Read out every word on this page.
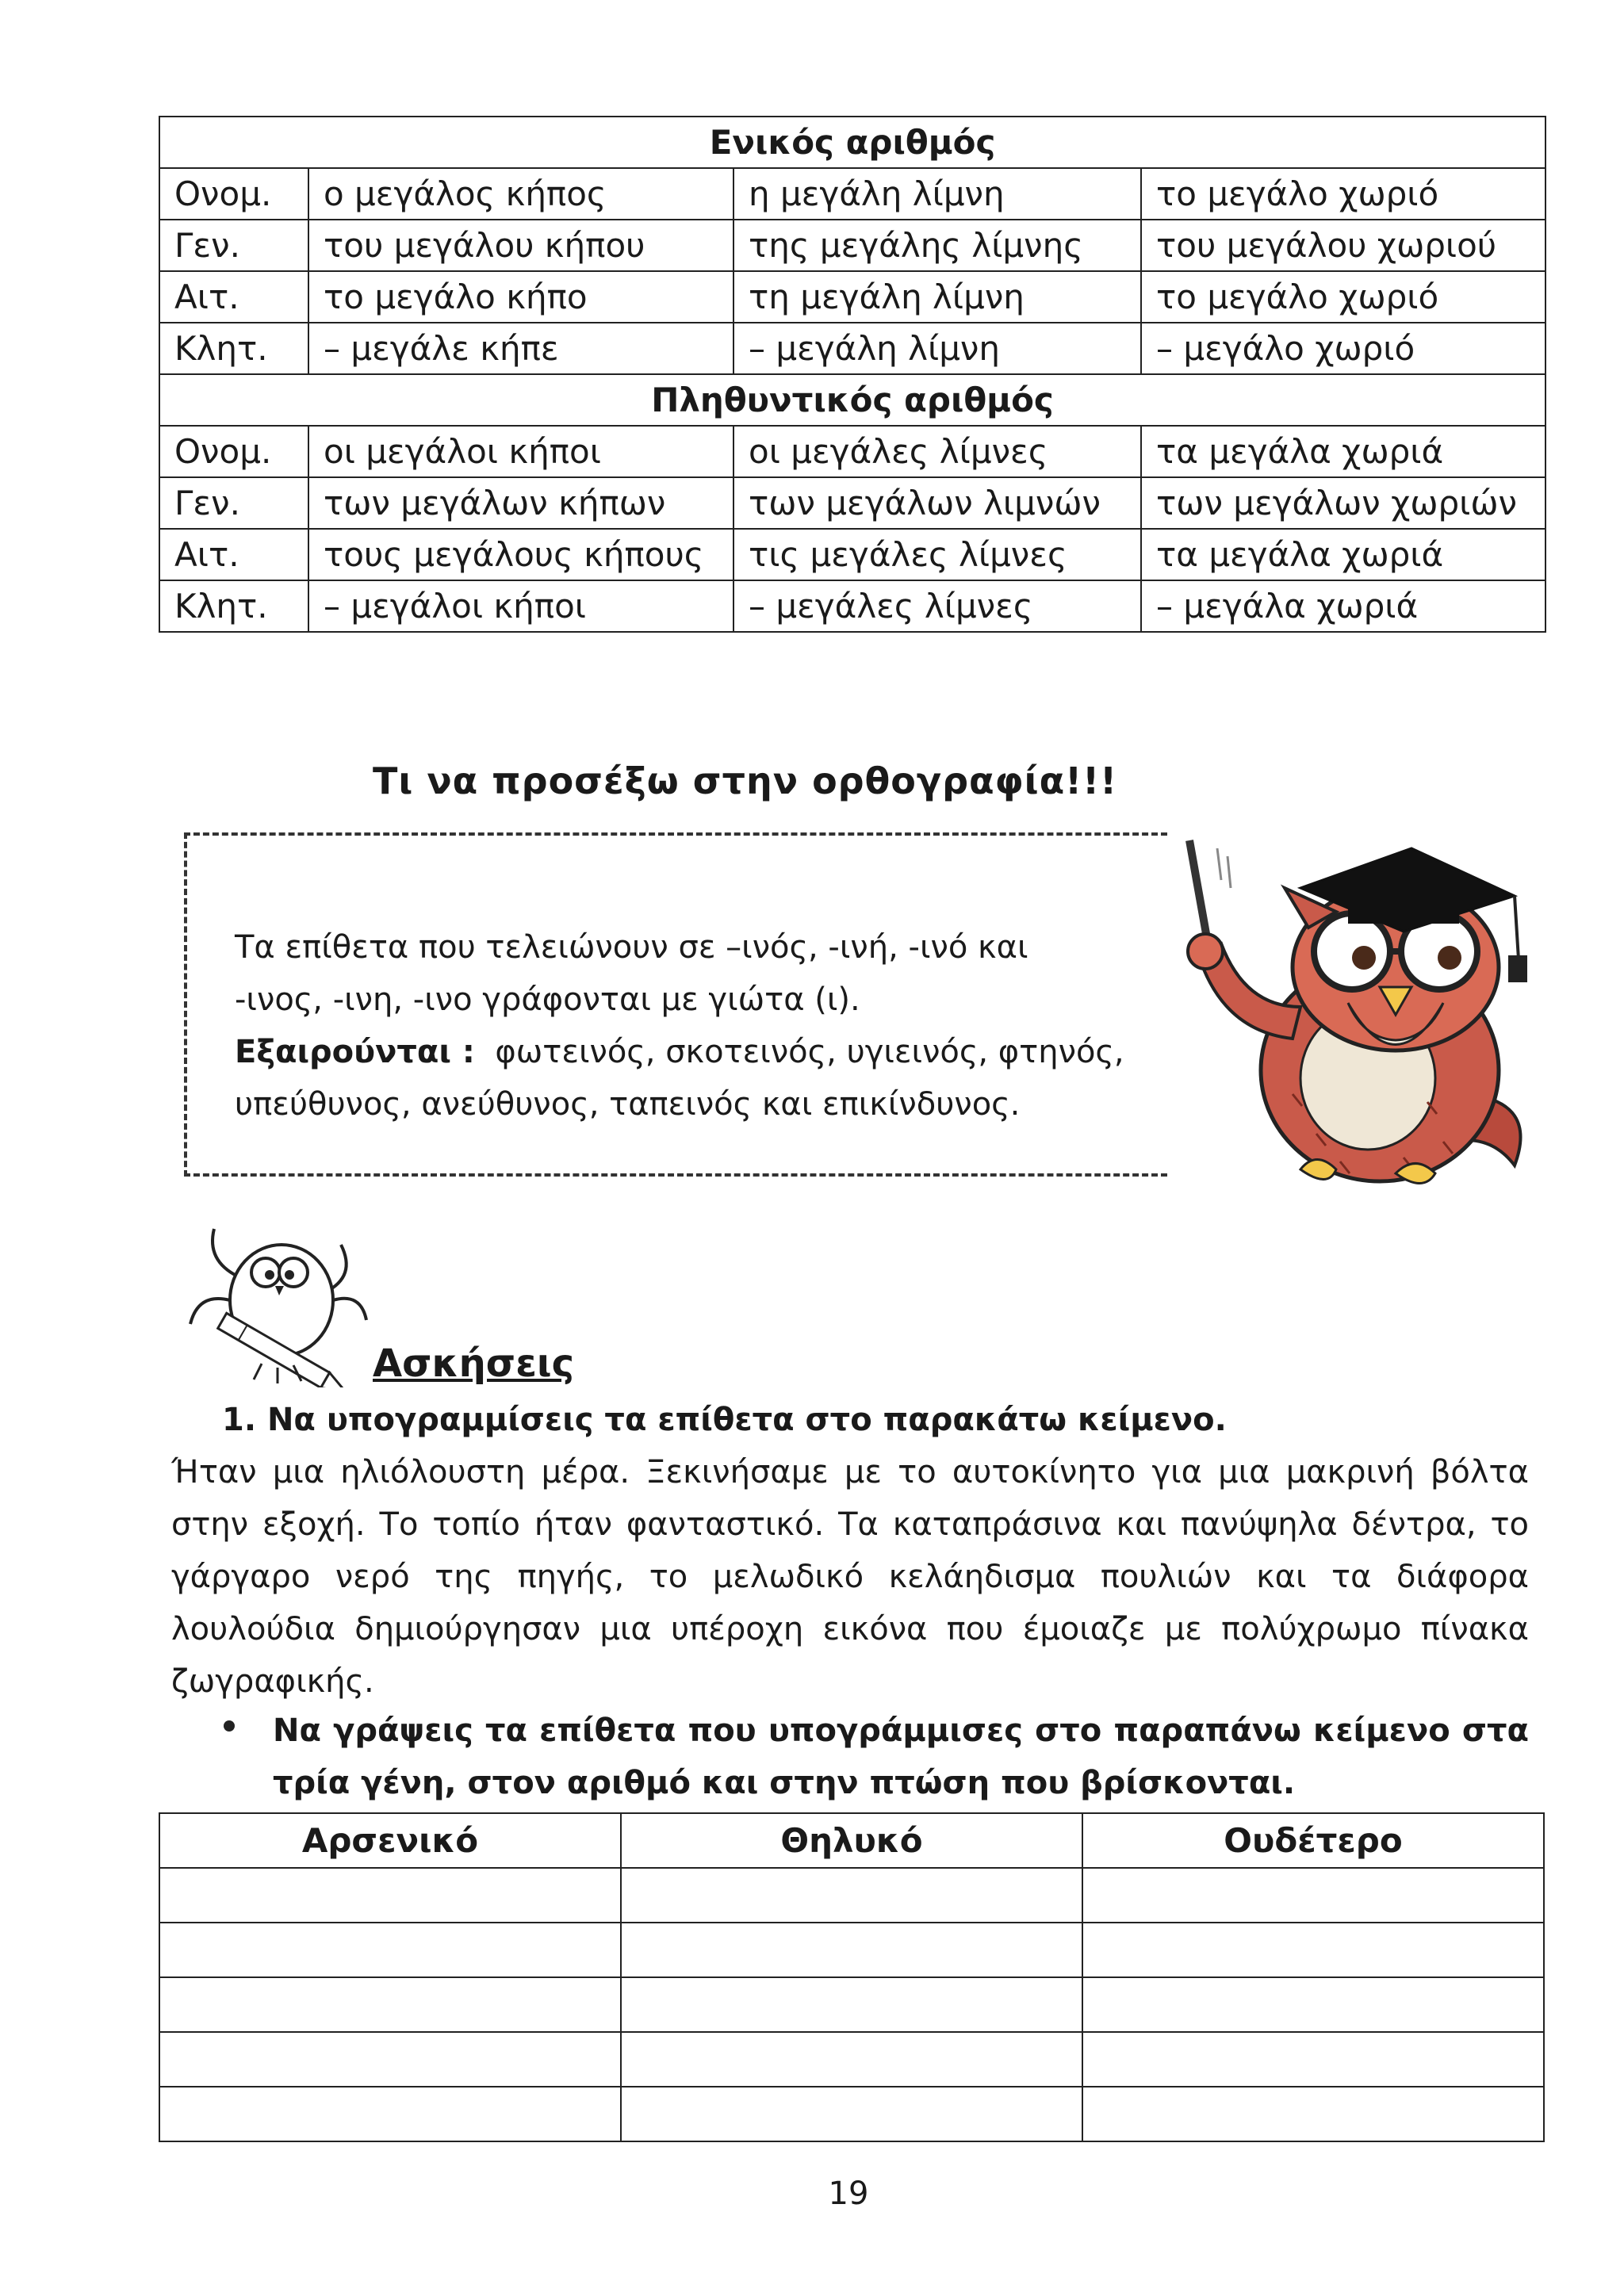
Ενικός αριθμός			
Ονομ.	ο μεγάλος κήπος	η μεγάλη λίμνη	το μεγάλο χωριό
Γεν.	του μεγάλου κήπου	της μεγάλης λίμνης	του μεγάλου χωριού
Αιτ.	το μεγάλο κήπο	τη μεγάλη λίμνη	το μεγάλο χωριό
Κλητ.	– μεγάλε κήπε	– μεγάλη λίμνη	– μεγάλο χωριό
Πληθυντικός αριθμός			
Ονομ.	οι μεγάλοι κήποι	οι μεγάλες λίμνες	τα μεγάλα χωριά
Γεν.	των μεγάλων κήπων	των μεγάλων λιμνών	των μεγάλων χωριών
Αιτ.	τους μεγάλους κήπους	τις μεγάλες λίμνες	τα μεγάλα χωριά
Κλητ.	– μεγάλοι κήποι	– μεγάλες λίμνες	– μεγάλα χωριά
Τι να προσέξω στην ορθογραφία!!!

Τα επίθετα που τελειώνουν σε –ινός, -ινή, -ινό και

-ινος, -ινη, -ινο γράφονται με γιώτα (ι).

Εξαιρούνται : φωτεινός, σκοτεινός, υγιεινός, φτηνός,

υπεύθυνος, ανεύθυνος, ταπεινός και επικίνδυνος.

Ασκήσεις
1. Να υπογραμμίσεις τα επίθετα στο παρακάτω κείμενο.
Ήταν μια ηλιόλουστη μέρα. Ξεκινήσαμε με το αυτοκίνητο για μια μακρινή βόλτα στην εξοχή. Το τοπίο ήταν φανταστικό. Τα καταπράσινα και πανύψηλα δέντρα, το γάργαρο νερό της πηγής, το μελωδικό κελάηδισμα πουλιών και τα διάφορα λουλούδια δημιούργησαν μια υπέροχη εικόνα που έμοιαζε με πολύχρωμο πίνακα ζωγραφικής.
Να γράψεις τα επίθετα που υπογράμμισες στο παραπάνω κείμενο στα τρία γένη, στον αριθμό και στην πτώση που βρίσκονται.
Αρσενικό	Θηλυκό	Ουδέτερο

19
